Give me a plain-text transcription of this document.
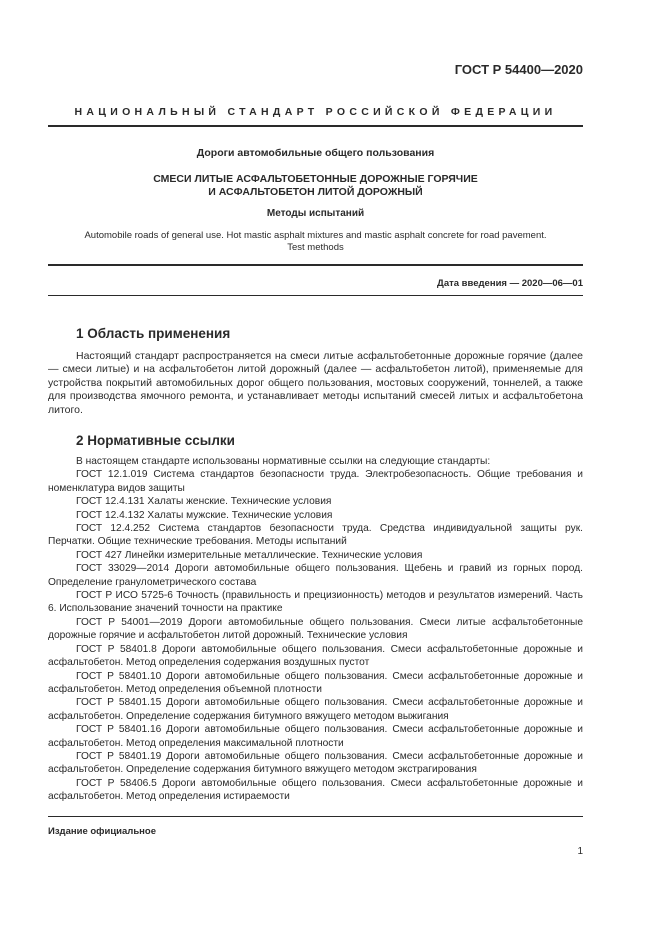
ГОСТ Р 54400—2020
НАЦИОНАЛЬНЫЙ СТАНДАРТ РОССИЙСКОЙ ФЕДЕРАЦИИ
Дороги автомобильные общего пользования
СМЕСИ ЛИТЫЕ АСФАЛЬТОБЕТОННЫЕ ДОРОЖНЫЕ ГОРЯЧИЕ
И АСФАЛЬТОБЕТОН ЛИТОЙ ДОРОЖНЫЙ
Методы испытаний
Automobile roads of general use. Hot mastic asphalt mixtures and mastic asphalt concrete for road pavement.
Test methods
Дата введения — 2020—06—01
1 Область применения

Настоящий стандарт распространяется на смеси литые асфальтобетонные дорожные горячие (далее — смеси литые) и на асфальтобетон литой дорожный (далее — асфальтобетон литой), применяемые для устройства покрытий автомобильных дорог общего пользования, мостовых сооружений, тоннелей, а также для производства ямочного ремонта, и устанавливает методы испытаний смесей литых и асфальтобетона литого.

2 Нормативные ссылки

В настоящем стандарте использованы нормативные ссылки на следующие стандарты:

ГОСТ 12.1.019 Система стандартов безопасности труда. Электробезопасность. Общие требования и номенклатура видов защиты

ГОСТ 12.4.131 Халаты женские. Технические условия

ГОСТ 12.4.132 Халаты мужские. Технические условия

ГОСТ 12.4.252 Система стандартов безопасности труда. Средства индивидуальной защиты рук. Перчатки. Общие технические требования. Методы испытаний

ГОСТ 427 Линейки измерительные металлические. Технические условия

ГОСТ 33029—2014 Дороги автомобильные общего пользования. Щебень и гравий из горных пород. Определение гранулометрического состава

ГОСТ Р ИСО 5725-6 Точность (правильность и прецизионность) методов и результатов измерений. Часть 6. Использование значений точности на практике

ГОСТ Р 54001—2019 Дороги автомобильные общего пользования. Смеси литые асфальтобетонные дорожные горячие и асфальтобетон литой дорожный. Технические условия

ГОСТ Р 58401.8 Дороги автомобильные общего пользования. Смеси асфальтобетонные дорожные и асфальтобетон. Метод определения содержания воздушных пустот

ГОСТ Р 58401.10 Дороги автомобильные общего пользования. Смеси асфальтобетонные дорожные и асфальтобетон. Метод определения объемной плотности

ГОСТ Р 58401.15 Дороги автомобильные общего пользования. Смеси асфальтобетонные дорожные и асфальтобетон. Определение содержания битумного вяжущего методом выжигания

ГОСТ Р 58401.16 Дороги автомобильные общего пользования. Смеси асфальтобетонные дорожные и асфальтобетон. Метод определения максимальной плотности

ГОСТ Р 58401.19 Дороги автомобильные общего пользования. Смеси асфальтобетонные дорожные и асфальтобетон. Определение содержания битумного вяжущего методом экстрагирования

ГОСТ Р 58406.5 Дороги автомобильные общего пользования. Смеси асфальтобетонные дорожные и асфальтобетон. Метод определения истираемости

Издание официальное
1
